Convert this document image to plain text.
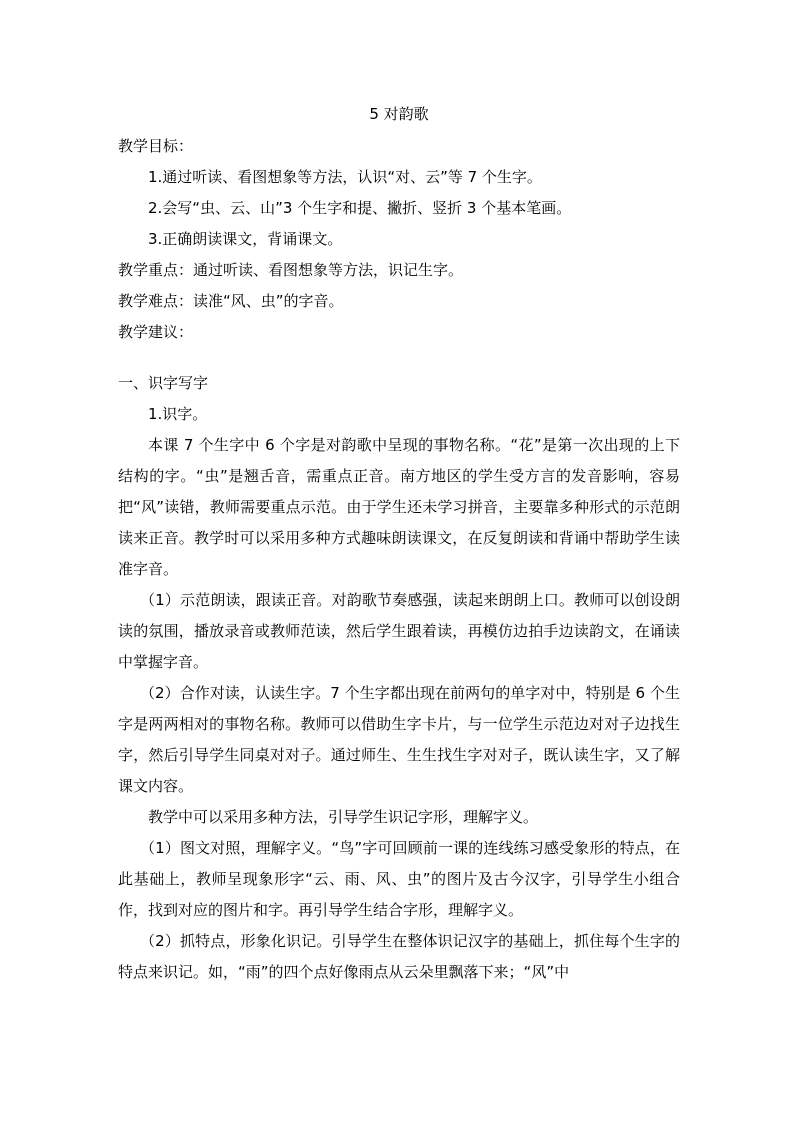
5 对韵歌
教学目标：
1.通过听读、看图想象等方法，认识“对、云”等 7 个生字。
2.会写“虫、云、山”3 个生字和提、撇折、竖折 3 个基本笔画。
3.正确朗读课文，背诵课文。
教学重点：通过听读、看图想象等方法，识记生字。
教学难点：读准“风、虫”的字音。
教学建议：
一、识字写字
1.识字。

本课 7 个生字中 6 个字是对韵歌中呈现的事物名称。“花”是第一次出现的上下结构的字。“虫”是翘舌音，需重点正音。南方地区的学生受方言的发音影响，容易把“风”读错，教师需要重点示范。由于学生还未学习拼音，主要靠多种形式的示范朗读来正音。教学时可以采用多种方式趣味朗读课文，在反复朗读和背诵中帮助学生读准字音。

（1）示范朗读，跟读正音。对韵歌节奏感强，读起来朗朗上口。教师可以创设朗读的氛围，播放录音或教师范读，然后学生跟着读，再模仿边拍手边读韵文，在诵读中掌握字音。

（2）合作对读，认读生字。7 个生字都出现在前两句的单字对中，特别是 6 个生字是两两相对的事物名称。教师可以借助生字卡片，与一位学生示范边对对子边找生字，然后引导学生同桌对对子。通过师生、生生找生字对对子，既认读生字，又了解课文内容。

教学中可以采用多种方法，引导学生识记字形，理解字义。

（1）图文对照，理解字义。“鸟”字可回顾前一课的连线练习感受象形的特点，在此基础上，教师呈现象形字“云、雨、风、虫”的图片及古今汉字，引导学生小组合作，找到对应的图片和字。再引导学生结合字形，理解字义。

（2）抓特点，形象化识记。引导学生在整体识记汉字的基础上，抓住每个生字的特点来识记。如，“雨”的四个点好像雨点从云朵里飘落下来；“风”中
